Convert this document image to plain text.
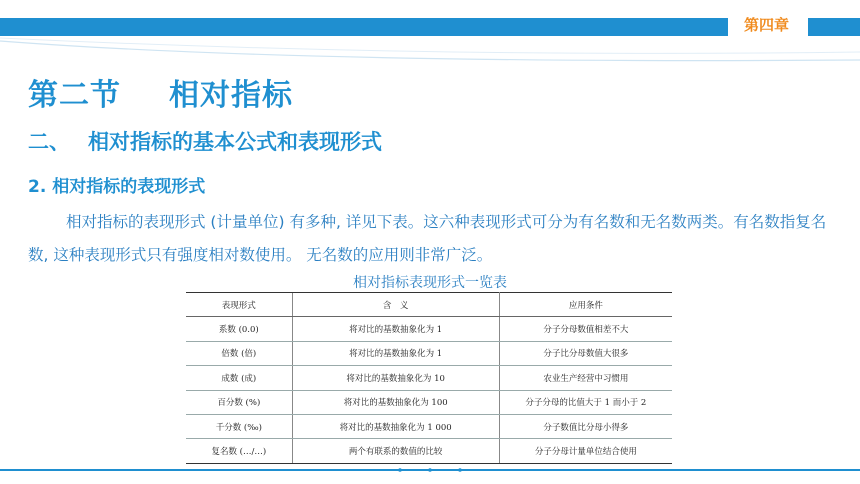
第四章
第二节 相对指标
二、 相对指标的基本公式和表现形式
2. 相对指标的表现形式
相对指标的表现形式 (计量单位) 有多种, 详见下表。这六种表现形式可分为有名数和无名数两类。有名数指复名数, 这种表现形式只有强度相对数使用。 无名数的应用则非常广泛。
相对指标表现形式一览表
表现形式	含　义	应用条件
系数 (0.0)	将对比的基数抽象化为 1	分子分母数值相差不大
倍数 (倍)	将对比的基数抽象化为 1	分子比分母数值大很多
成数 (成)	将对比的基数抽象化为 10	农业生产经营中习惯用
百分数 (%)	将对比的基数抽象化为 100	分子分母的比值大于 1 而小于 2
千分数 (‰)	将对比的基数抽象化为 1 000	分子数值比分母小得多
复名数 (…/…)	两个有联系的数值的比较	分子分母计量单位结合使用
